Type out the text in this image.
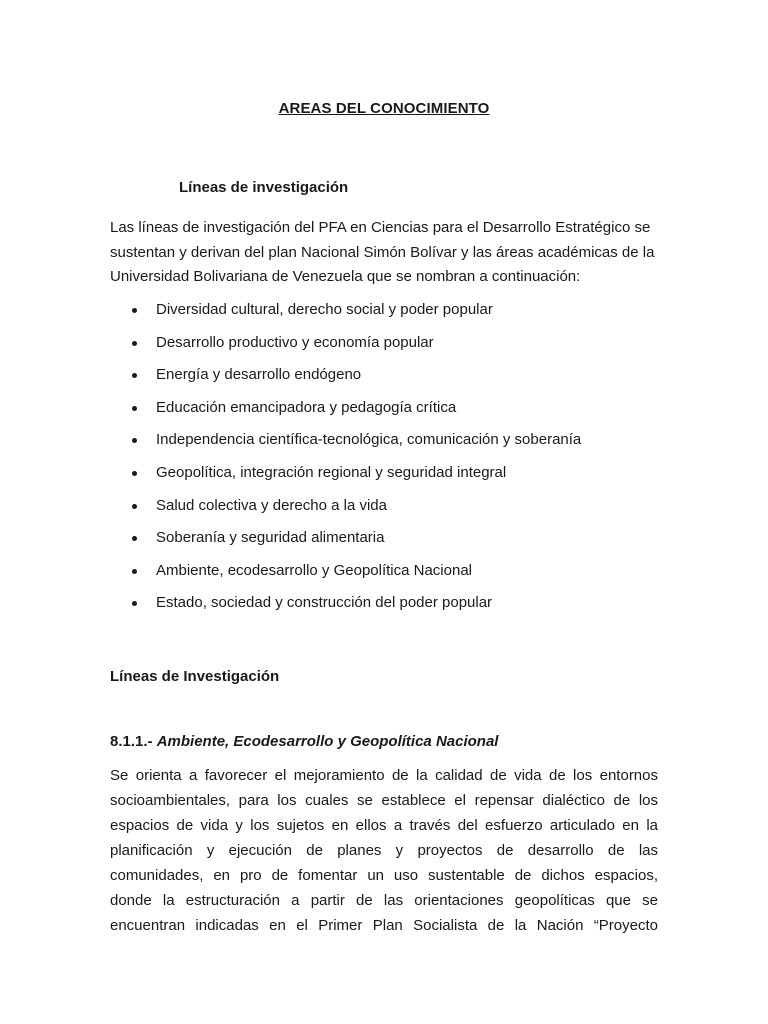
AREAS DEL CONOCIMIENTO
Líneas de investigación
Las líneas de investigación del PFA en Ciencias para el Desarrollo Estratégico se sustentan y derivan del plan Nacional Simón Bolívar y las áreas académicas de la Universidad Bolivariana de Venezuela que se nombran a continuación:
Diversidad cultural, derecho social y poder popular
Desarrollo productivo y economía popular
Energía y desarrollo endógeno
Educación emancipadora y pedagogía crítica
Independencia científica-tecnológica, comunicación y soberanía
Geopolítica, integración regional y seguridad integral
Salud colectiva y derecho a la vida
Soberanía y seguridad alimentaria
Ambiente, ecodesarrollo y Geopolítica Nacional
Estado, sociedad y construcción del poder popular
Líneas de Investigación
8.1.1.- Ambiente, Ecodesarrollo y Geopolítica Nacional
Se orienta a favorecer el mejoramiento de la calidad de vida de los entornos
socioambientales, para los cuales se establece el repensar dialéctico de los
espacios de vida y los sujetos en ellos a través del esfuerzo articulado en la
planificación y ejecución de planes y proyectos de desarrollo de las
comunidades, en pro de fomentar un uso sustentable de dichos espacios,
donde la estructuración a partir de las orientaciones geopolíticas que se
encuentran indicadas en el Primer Plan Socialista de la Nación “Proyecto
